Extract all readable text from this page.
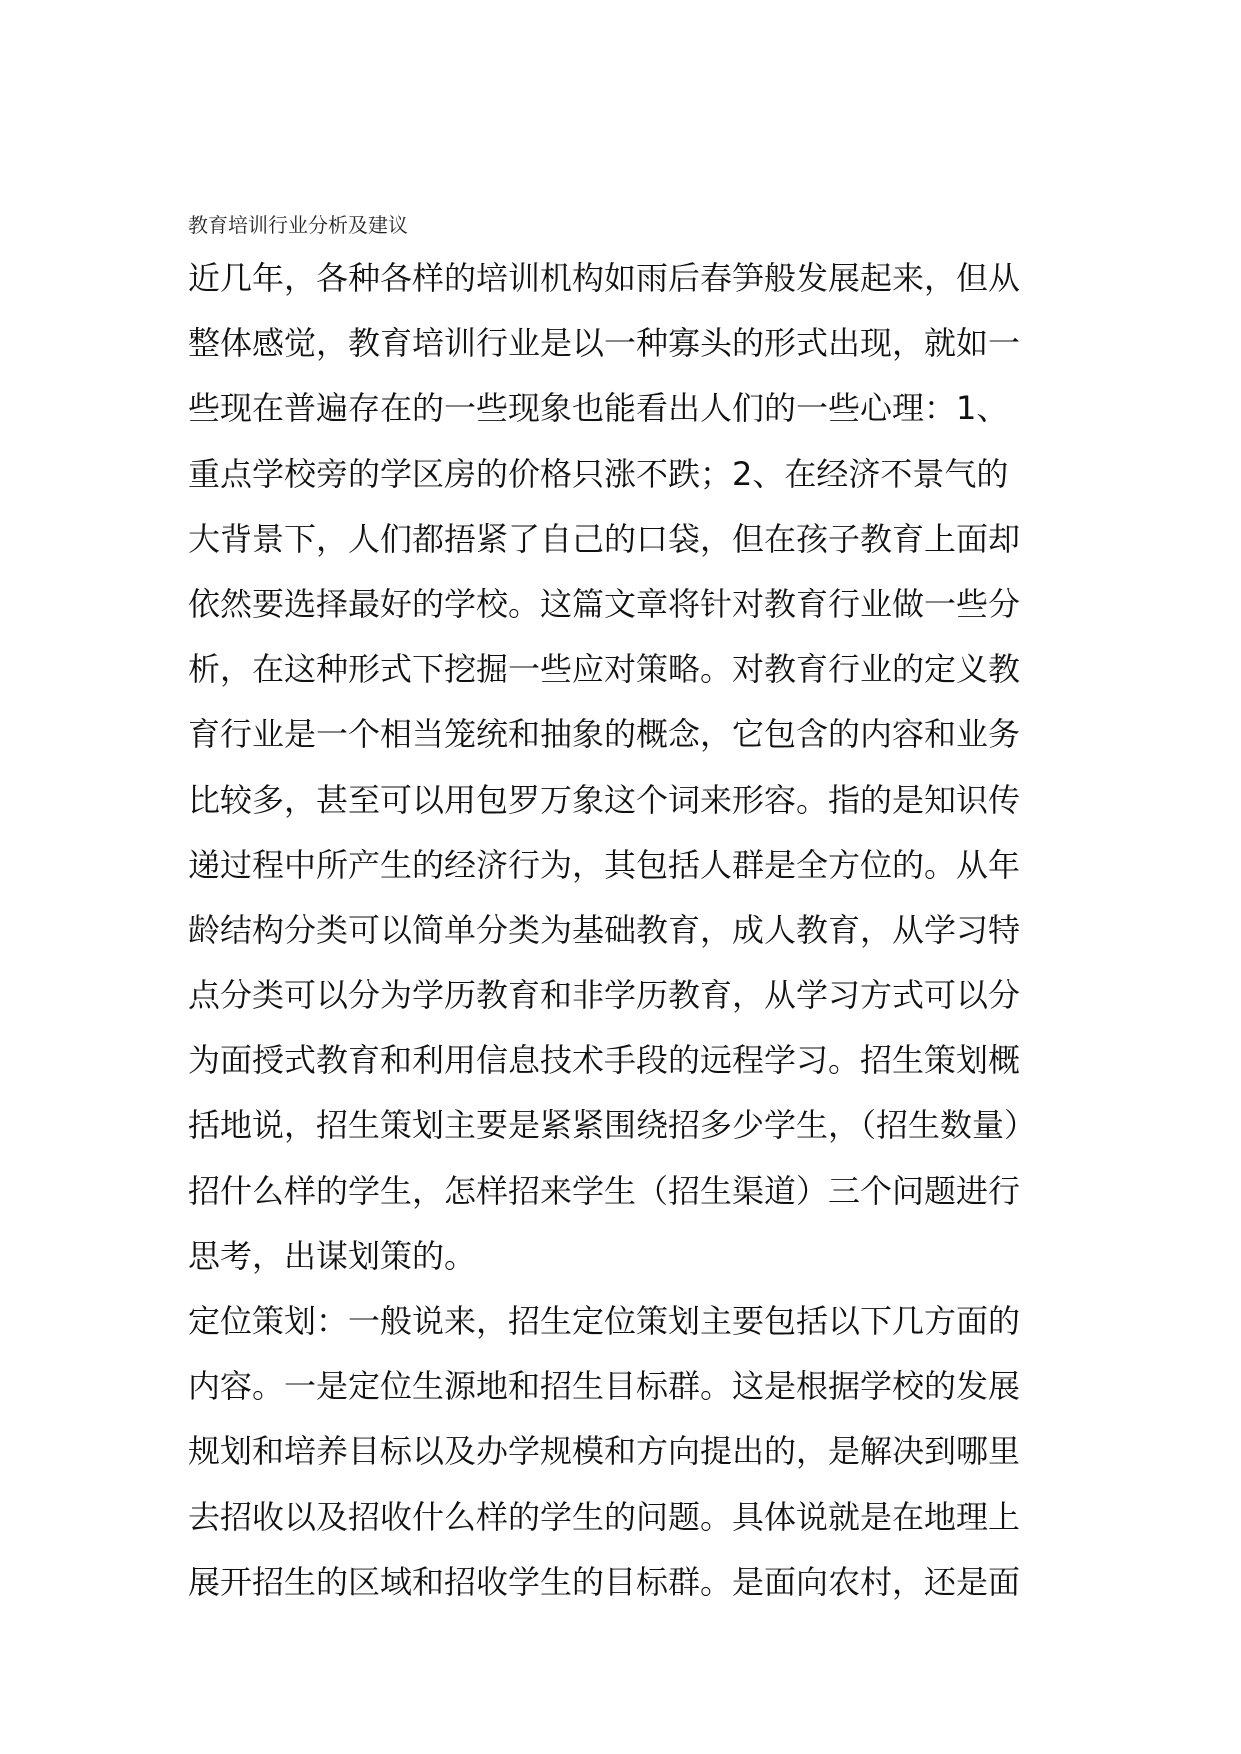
教育培训行业分析及建议
近几年，各种各样的培训机构如雨后春笋般发展起来，但从
整体感觉，教育培训行业是以一种寡头的形式出现，就如一
些现在普遍存在的一些现象也能看出人们的一些心理：1、
重点学校旁的学区房的价格只涨不跌；2、在经济不景气的
大背景下，人们都捂紧了自己的口袋，但在孩子教育上面却
依然要选择最好的学校。这篇文章将针对教育行业做一些分
析，在这种形式下挖掘一些应对策略。对教育行业的定义教
育行业是一个相当笼统和抽象的概念，它包含的内容和业务
比较多，甚至可以用包罗万象这个词来形容。指的是知识传
递过程中所产生的经济行为，其包括人群是全方位的。从年
龄结构分类可以简单分类为基础教育，成人教育，从学习特
点分类可以分为学历教育和非学历教育，从学习方式可以分
为面授式教育和利用信息技术手段的远程学习。招生策划概
括地说，招生策划主要是紧紧围绕招多少学生，（招生数量）
招什么样的学生，怎样招来学生（招生渠道）三个问题进行
思考，出谋划策的。
定位策划：一般说来，招生定位策划主要包括以下几方面的
内容。一是定位生源地和招生目标群。这是根据学校的发展
规划和培养目标以及办学规模和方向提出的，是解决到哪里
去招收以及招收什么样的学生的问题。具体说就是在地理上
展开招生的区域和招收学生的目标群。是面向农村，还是面
